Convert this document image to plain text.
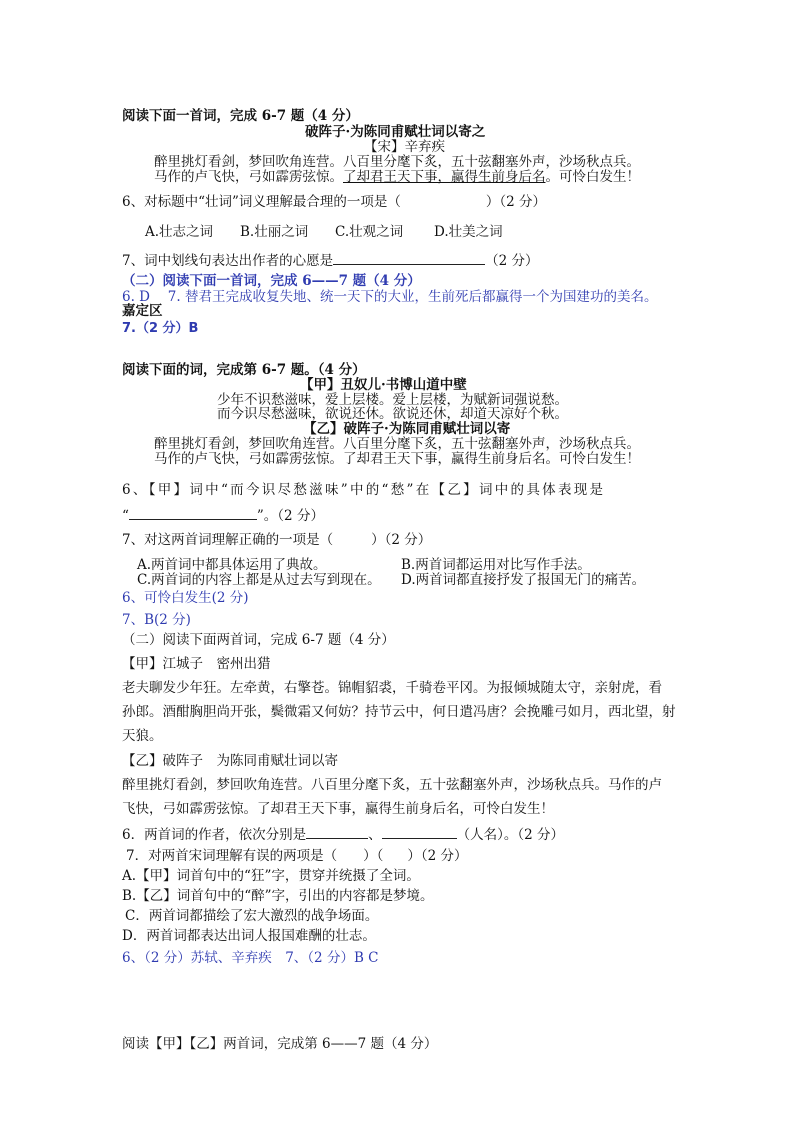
阅读下面一首词，完成 6-7 题（4 分）
破阵子·为陈同甫赋壮词以寄之
【宋】辛弃疾
醉里挑灯看剑，梦回吹角连营。八百里分麾下炙，五十弦翻塞外声，沙场秋点兵。
马作的卢飞快，弓如霹雳弦惊。了却君王天下事，赢得生前身后名。可怜白发生！
6、对标题中“壮词”词义理解最合理的一项是（	）（2 分）
A.壮志之词 B.壮丽之词 C.壮观之词 D.壮美之词
7、词中划线句表达出作者的心愿是	（2 分）
（二）阅读下面一首词，完成 6——7 题（4 分）
6. D 　7. 替君王完成收复失地、统一天下的大业，生前死后都赢得一个为国建功的美名。
嘉定区
7.（2 分）B
阅读下面的词，完成第 6-7 题。（4 分）
【甲】丑奴儿·书博山道中壁
少年不识愁滋味，爱上层楼。爱上层楼，为赋新词强说愁。
而今识尽愁滋味，欲说还休。欲说还休，却道天凉好个秋。
【乙】破阵子·为陈同甫赋壮词以寄
醉里挑灯看剑，梦回吹角连营。八百里分麾下炙，五十弦翻塞外声，沙场秋点兵。
马作的卢飞快，弓如霹雳弦惊。了却君王天下事，赢得生前身后名。可怜白发生！
6、【甲】词中“而今识尽愁滋味”中的“愁”在【乙】词中的具体表现是
“	”。（2 分）
7、对这两首词理解正确的一项是（	）（2 分）
A.两首词中都具体运用了典故。	B.两首词都运用对比写作手法。
C.两首词的内容上都是从过去写到现在。 D.两首词都直接抒发了报国无门的痛苦。
6、可怜白发生(2 分)
7、B(2 分)
（二）阅读下面两首词，完成 6-7 题（4 分）
【甲】江城子　密州出猎
老夫聊发少年狂。左牵黄，右擎苍。锦帽貂裘，千骑卷平冈。为报倾城随太守，亲射虎，看
孙郎。酒酣胸胆尚开张，鬓微霜又何妨？持节云中，何日遣冯唐？会挽雕弓如月，西北望，射
天狼。
【乙】破阵子　为陈同甫赋壮词以寄
醉里挑灯看剑，梦回吹角连营。八百里分麾下炙，五十弦翻塞外声，沙场秋点兵。马作的卢
飞快，弓如霹雳弦惊。了却君王天下事，赢得生前身后名，可怜白发生！
6．两首词的作者，依次分别是	、	（人名）。（2 分）
7．对两首宋词理解有误的两项是（ ）（ ）（2 分）
A.【甲】词首句中的“狂”字，贯穿并统摄了全词。
B.【乙】词首句中的“醉”字，引出的内容都是梦境。
C．两首词都描绘了宏大激烈的战争场面。
D．两首词都表达出词人报国难酬的壮志。
6、（2 分）苏轼、辛弃疾　7、（2 分）B C
阅读【甲】【乙】两首词，完成第 6——7 题（4 分）
